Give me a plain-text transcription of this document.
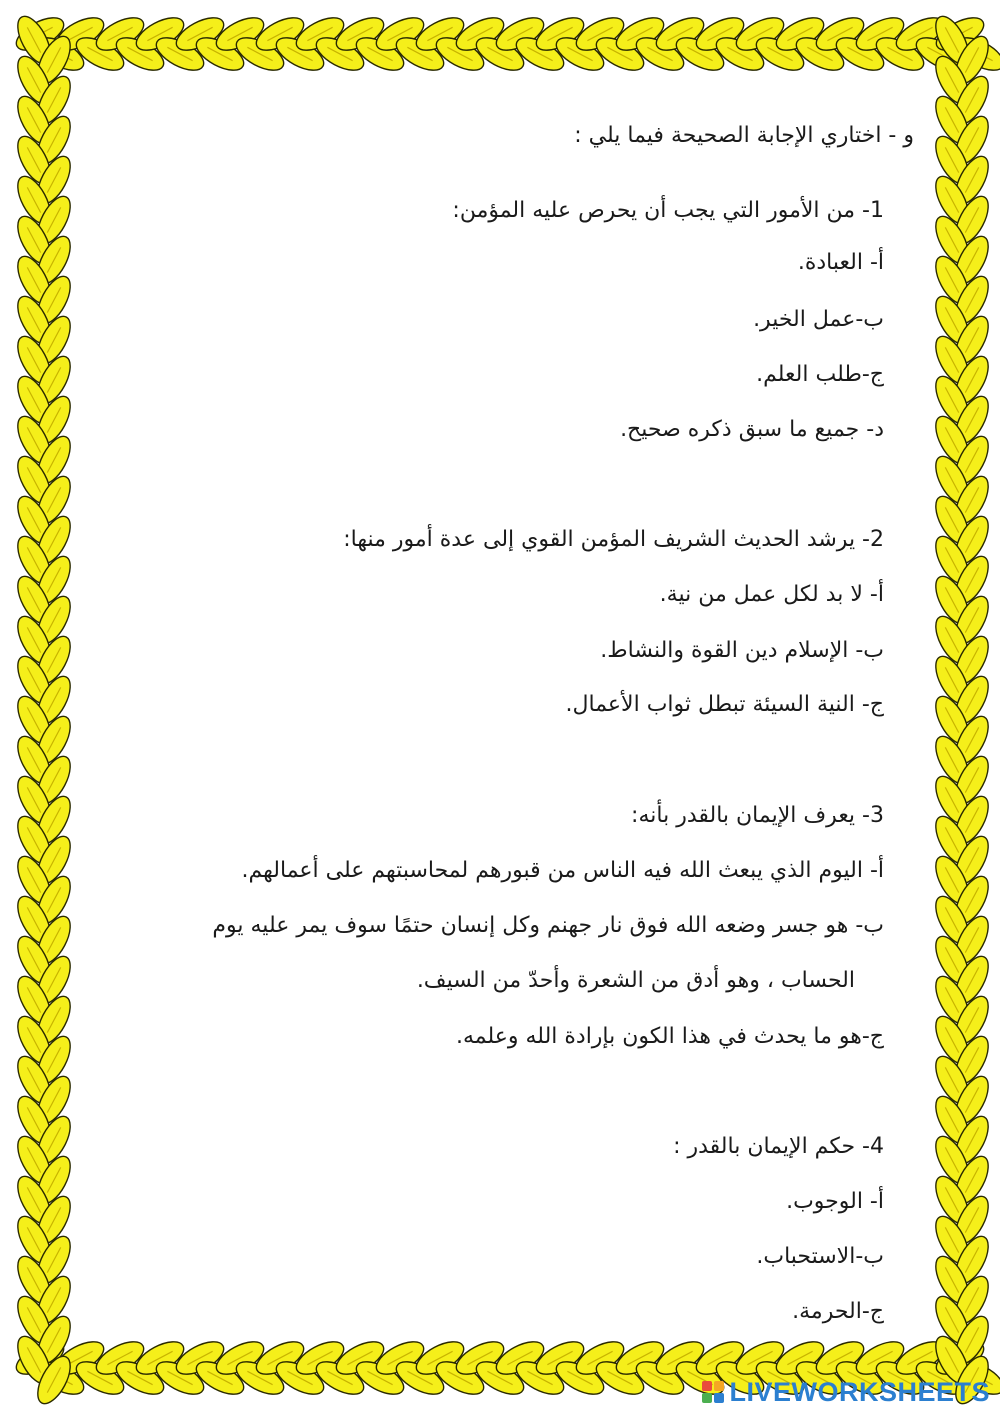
و - اختاري الإجابة الصحيحة فيما يلي :
1- من الأمور التي يجب أن يحرص عليه المؤمن:
أ- العبادة.
ب-عمل الخير.
ج-طلب العلم.
د- جميع ما سبق ذكره صحيح.
2- يرشد الحديث الشريف المؤمن القوي إلى عدة أمور منها:
أ- لا بد لكل عمل من نية.
ب- الإسلام دين القوة والنشاط.
ج- النية السيئة تبطل ثواب الأعمال.
3- يعرف الإيمان بالقدر بأنه:
أ- اليوم الذي يبعث الله فيه الناس من قبورهم لمحاسبتهم على أعمالهم.
ب- هو جسر وضعه الله فوق نار جهنم وكل إنسان حتمًا سوف يمر عليه يوم
الحساب ، وهو أدق من الشعرة وأحدّ من السيف.
ج-هو ما يحدث في هذا الكون بإرادة الله وعلمه.
4- حكم الإيمان بالقدر :
أ- الوجوب.
ب-الاستحباب.
ج-الحرمة.
LIVEWORKSHEETS
